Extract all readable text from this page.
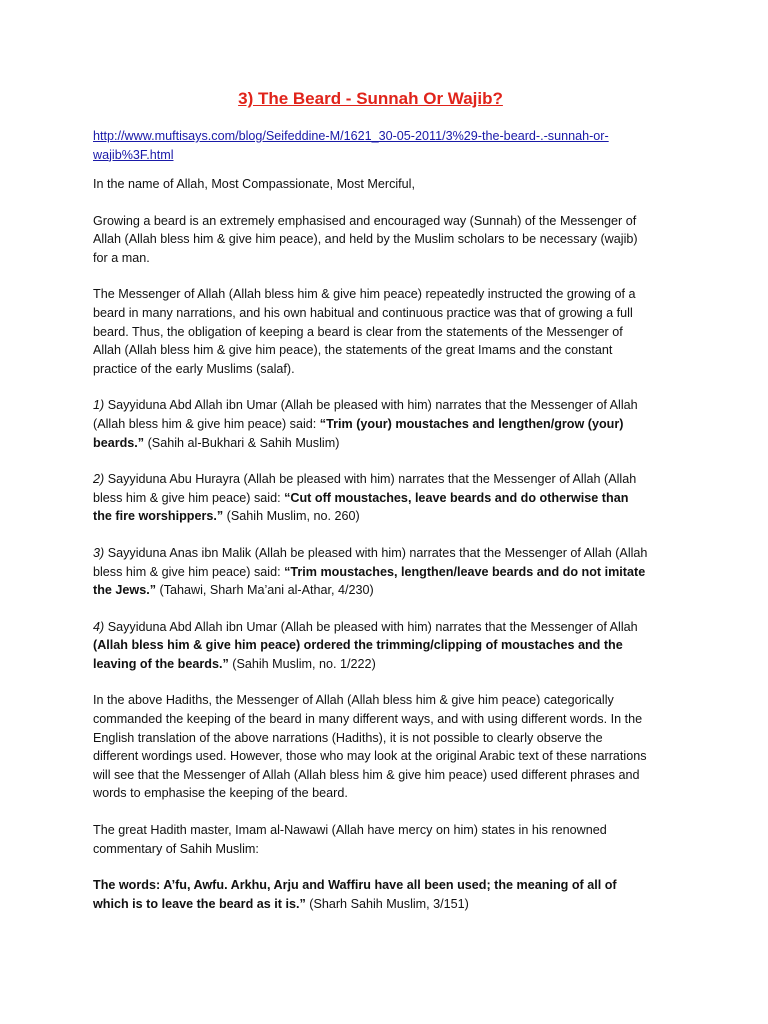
3) The Beard - Sunnah Or Wajib?
http://www.muftisays.com/blog/Seifeddine-M/1621_30-05-2011/3%29-the-beard-.-sunnah-or-
wajib%3F.html

In the name of Allah, Most Compassionate, Most Merciful,

Growing a beard is an extremely emphasised and encouraged way (Sunnah) of the Messenger of Allah (Allah bless him & give him peace), and held by the Muslim scholars to be necessary (wajib) for a man.

The Messenger of Allah (Allah bless him & give him peace) repeatedly instructed the growing of a beard in many narrations, and his own habitual and continuous practice was that of growing a full beard. Thus, the obligation of keeping a beard is clear from the statements of the Messenger of Allah (Allah bless him & give him peace), the statements of the great Imams and the constant practice of the early Muslims (salaf).

1) Sayyiduna Abd Allah ibn Umar (Allah be pleased with him) narrates that the Messenger of Allah (Allah bless him & give him peace) said: “Trim (your) moustaches and lengthen/grow (your) beards.” (Sahih al-Bukhari & Sahih Muslim)

2) Sayyiduna Abu Hurayra (Allah be pleased with him) narrates that the Messenger of Allah (Allah bless him & give him peace) said: “Cut off moustaches, leave beards and do otherwise than the fire worshippers.” (Sahih Muslim, no. 260)

3) Sayyiduna Anas ibn Malik (Allah be pleased with him) narrates that the Messenger of Allah (Allah bless him & give him peace) said: “Trim moustaches, lengthen/leave beards and do not imitate the Jews.” (Tahawi, Sharh Ma’ani al-Athar, 4/230)

4) Sayyiduna Abd Allah ibn Umar (Allah be pleased with him) narrates that the Messenger of Allah (Allah bless him & give him peace) ordered the trimming/clipping of moustaches and the leaving of the beards.” (Sahih Muslim, no. 1/222)

In the above Hadiths, the Messenger of Allah (Allah bless him & give him peace) categorically commanded the keeping of the beard in many different ways, and with using different words. In the English translation of the above narrations (Hadiths), it is not possible to clearly observe the different wordings used. However, those who may look at the original Arabic text of these narrations will see that the Messenger of Allah (Allah bless him & give him peace) used different phrases and words to emphasise the keeping of the beard.

The great Hadith master, Imam al-Nawawi (Allah have mercy on him) states in his renowned commentary of Sahih Muslim:

The words: A’fu, Awfu. Arkhu, Arju and Waffiru have all been used; the meaning of all of which is to leave the beard as it is.” (Sharh Sahih Muslim, 3/151)
